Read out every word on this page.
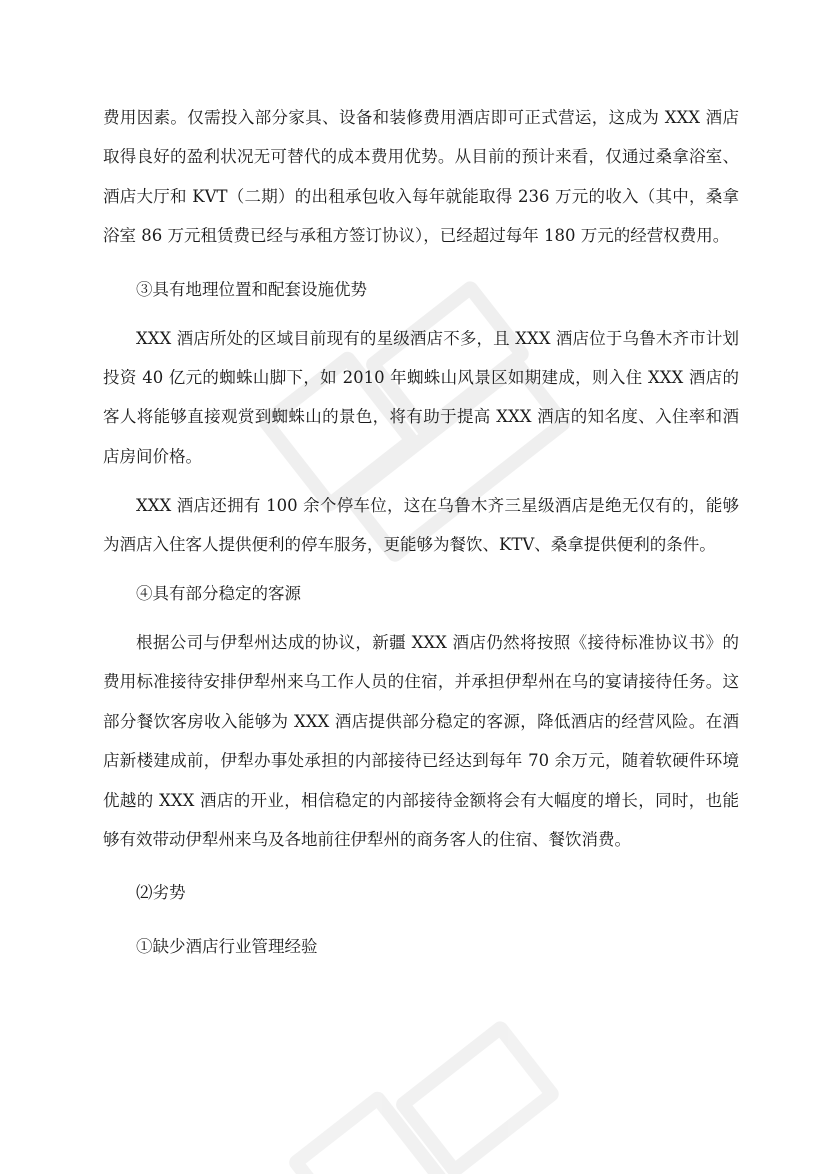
费用因素。仅需投入部分家具、设备和装修费用酒店即可正式营运，这成为 XXX 酒店取得良好的盈利状况无可替代的成本费用优势。从目前的预计来看，仅通过桑拿浴室、酒店大厅和 KVT（二期）的出租承包收入每年就能取得 236 万元的收入（其中，桑拿浴室 86 万元租赁费已经与承租方签订协议），已经超过每年 180 万元的经营权费用。

③具有地理位置和配套设施优势

XXX 酒店所处的区域目前现有的星级酒店不多，且 XXX 酒店位于乌鲁木齐市计划投资 40 亿元的蜘蛛山脚下，如 2010 年蜘蛛山风景区如期建成，则入住 XXX 酒店的客人将能够直接观赏到蜘蛛山的景色，将有助于提高 XXX 酒店的知名度、入住率和酒店房间价格。

XXX 酒店还拥有 100 余个停车位，这在乌鲁木齐三星级酒店是绝无仅有的，能够为酒店入住客人提供便利的停车服务，更能够为餐饮、KTV、桑拿提供便利的条件。

④具有部分稳定的客源

根据公司与伊犁州达成的协议，新疆 XXX 酒店仍然将按照《接待标准协议书》的费用标准接待安排伊犁州来乌工作人员的住宿，并承担伊犁州在乌的宴请接待任务。这部分餐饮客房收入能够为 XXX 酒店提供部分稳定的客源，降低酒店的经营风险。在酒店新楼建成前，伊犁办事处承担的内部接待已经达到每年 70 余万元，随着软硬件环境优越的 XXX 酒店的开业，相信稳定的内部接待金额将会有大幅度的增长，同时，也能够有效带动伊犁州来乌及各地前往伊犁州的商务客人的住宿、餐饮消费。

⑵劣势

①缺少酒店行业管理经验
